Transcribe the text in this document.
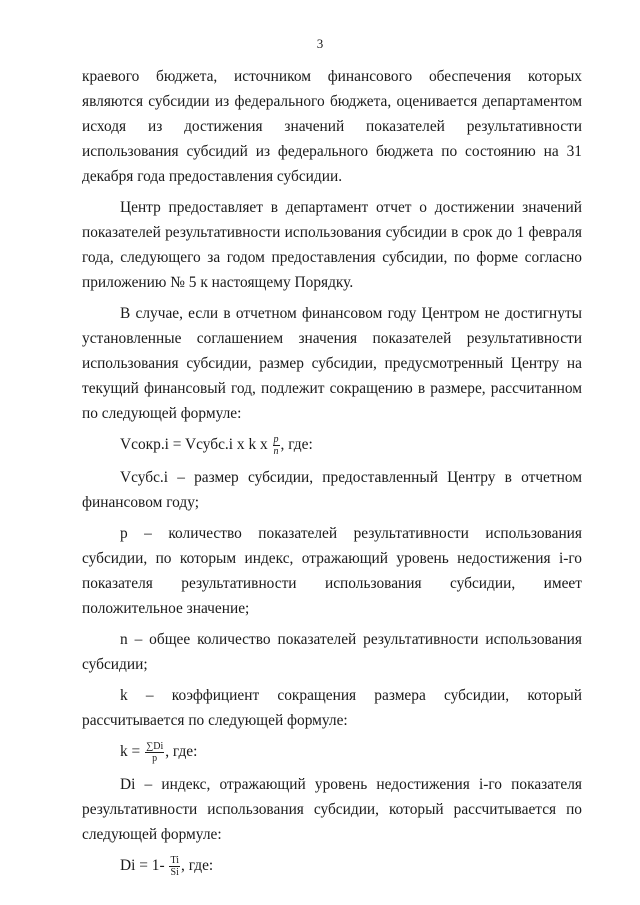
3

краевого бюджета, источником финансового обеспечения которых являются субсидии из федерального бюджета, оценивается департаментом исходя из достижения значений показателей результативности использования субсидий из федерального бюджета по состоянию на 31 декабря года предоставления субсидии.

Центр предоставляет в департамент отчет о достижении значений показателей результативности использования субсидии в срок до 1 февраля года, следующего за годом предоставления субсидии, по форме согласно приложению № 5 к настоящему Порядку.

В случае, если в отчетном финансовом году Центром не достигнуты установленные соглашением значения показателей результативности использования субсидии, размер субсидии, предусмотренный Центру на текущий финансовый год, подлежит сокращению в размере, рассчитанном по следующей формуле:

Vсокр.i = Vсубс.i х k х $\frac{p}{n}$ , где:

Vсубс.i – размер субсидии, предоставленный Центру в отчетном финансовом году;

р – количество показателей результативности использования субсидии, по которым индекс, отражающий уровень недостижения i-го показателя результативности использования субсидии, имеет положительное значение;

n – общее количество показателей результативности использования субсидии;

k – коэффициент сокращения размера субсидии, который рассчитывается по следующей формуле:

$k = \frac{\sum Di}{p}$ , где:

Di – индекс, отражающий уровень недостижения i-го показателя результативности использования субсидии, который рассчитывается по следующей формуле:

$Di = 1- \frac{Ti}{Si}$ , где:
